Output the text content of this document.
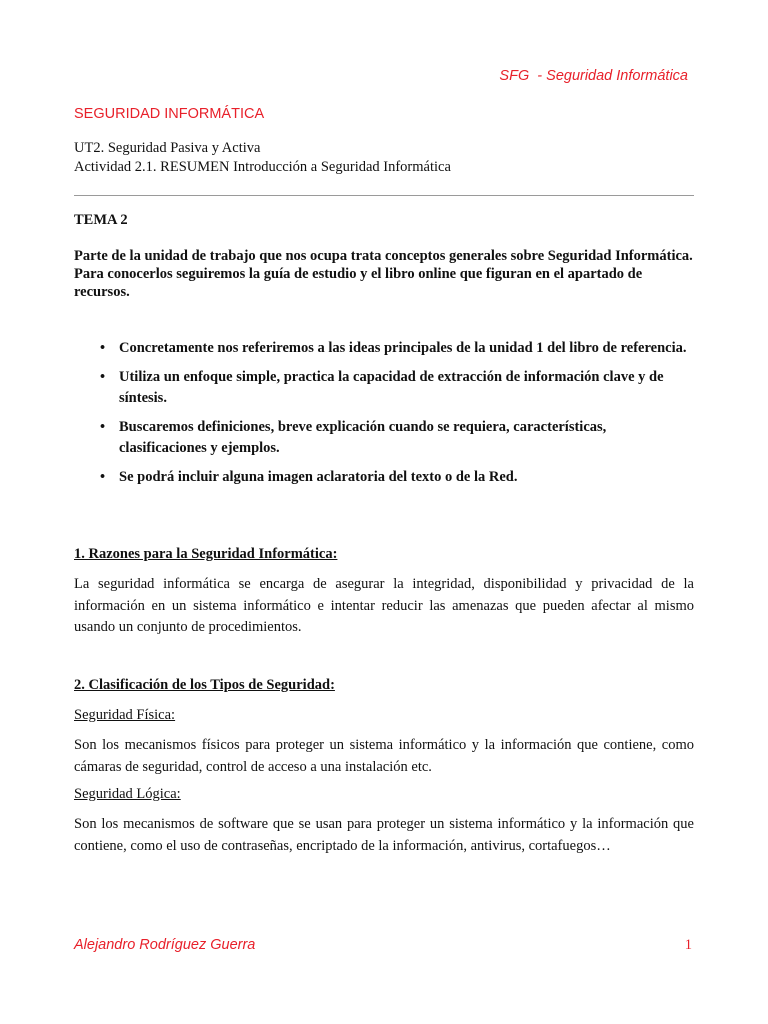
SFG  - Seguridad Informática
SEGURIDAD INFORMÁTICA
UT2. Seguridad Pasiva y Activa
Actividad 2.1. RESUMEN Introducción a Seguridad Informática
TEMA 2
Parte de la unidad de trabajo que nos ocupa trata conceptos generales sobre Seguridad Informática.
Para conocerlos seguiremos la guía de estudio y el libro online que figuran en el apartado de recursos.
• Concretamente nos referiremos a las ideas principales de la unidad 1 del libro de referencia.
• Utiliza un enfoque simple, practica la capacidad de extracción de información clave y de síntesis.
• Buscaremos definiciones, breve explicación cuando se requiera, características, clasificaciones y ejemplos.
• Se podrá incluir alguna imagen aclaratoria del texto o de la Red.
1. Razones para la Seguridad Informática:
La seguridad informática se encarga de asegurar la integridad, disponibilidad y privacidad de la información en un sistema informático e intentar reducir las amenazas que pueden afectar al mismo usando un conjunto de procedimientos.
2. Clasificación de los Tipos de Seguridad:
Seguridad Física:
Son los mecanismos físicos para proteger un sistema informático y la información que contiene, como cámaras de seguridad, control de acceso a una instalación etc.
Seguridad Lógica:
Son los mecanismos de software que se usan para proteger un sistema informático y la información que contiene, como el uso de contraseñas, encriptado de la información, antivirus, cortafuegos…
Alejandro Rodríguez Guerra	1
